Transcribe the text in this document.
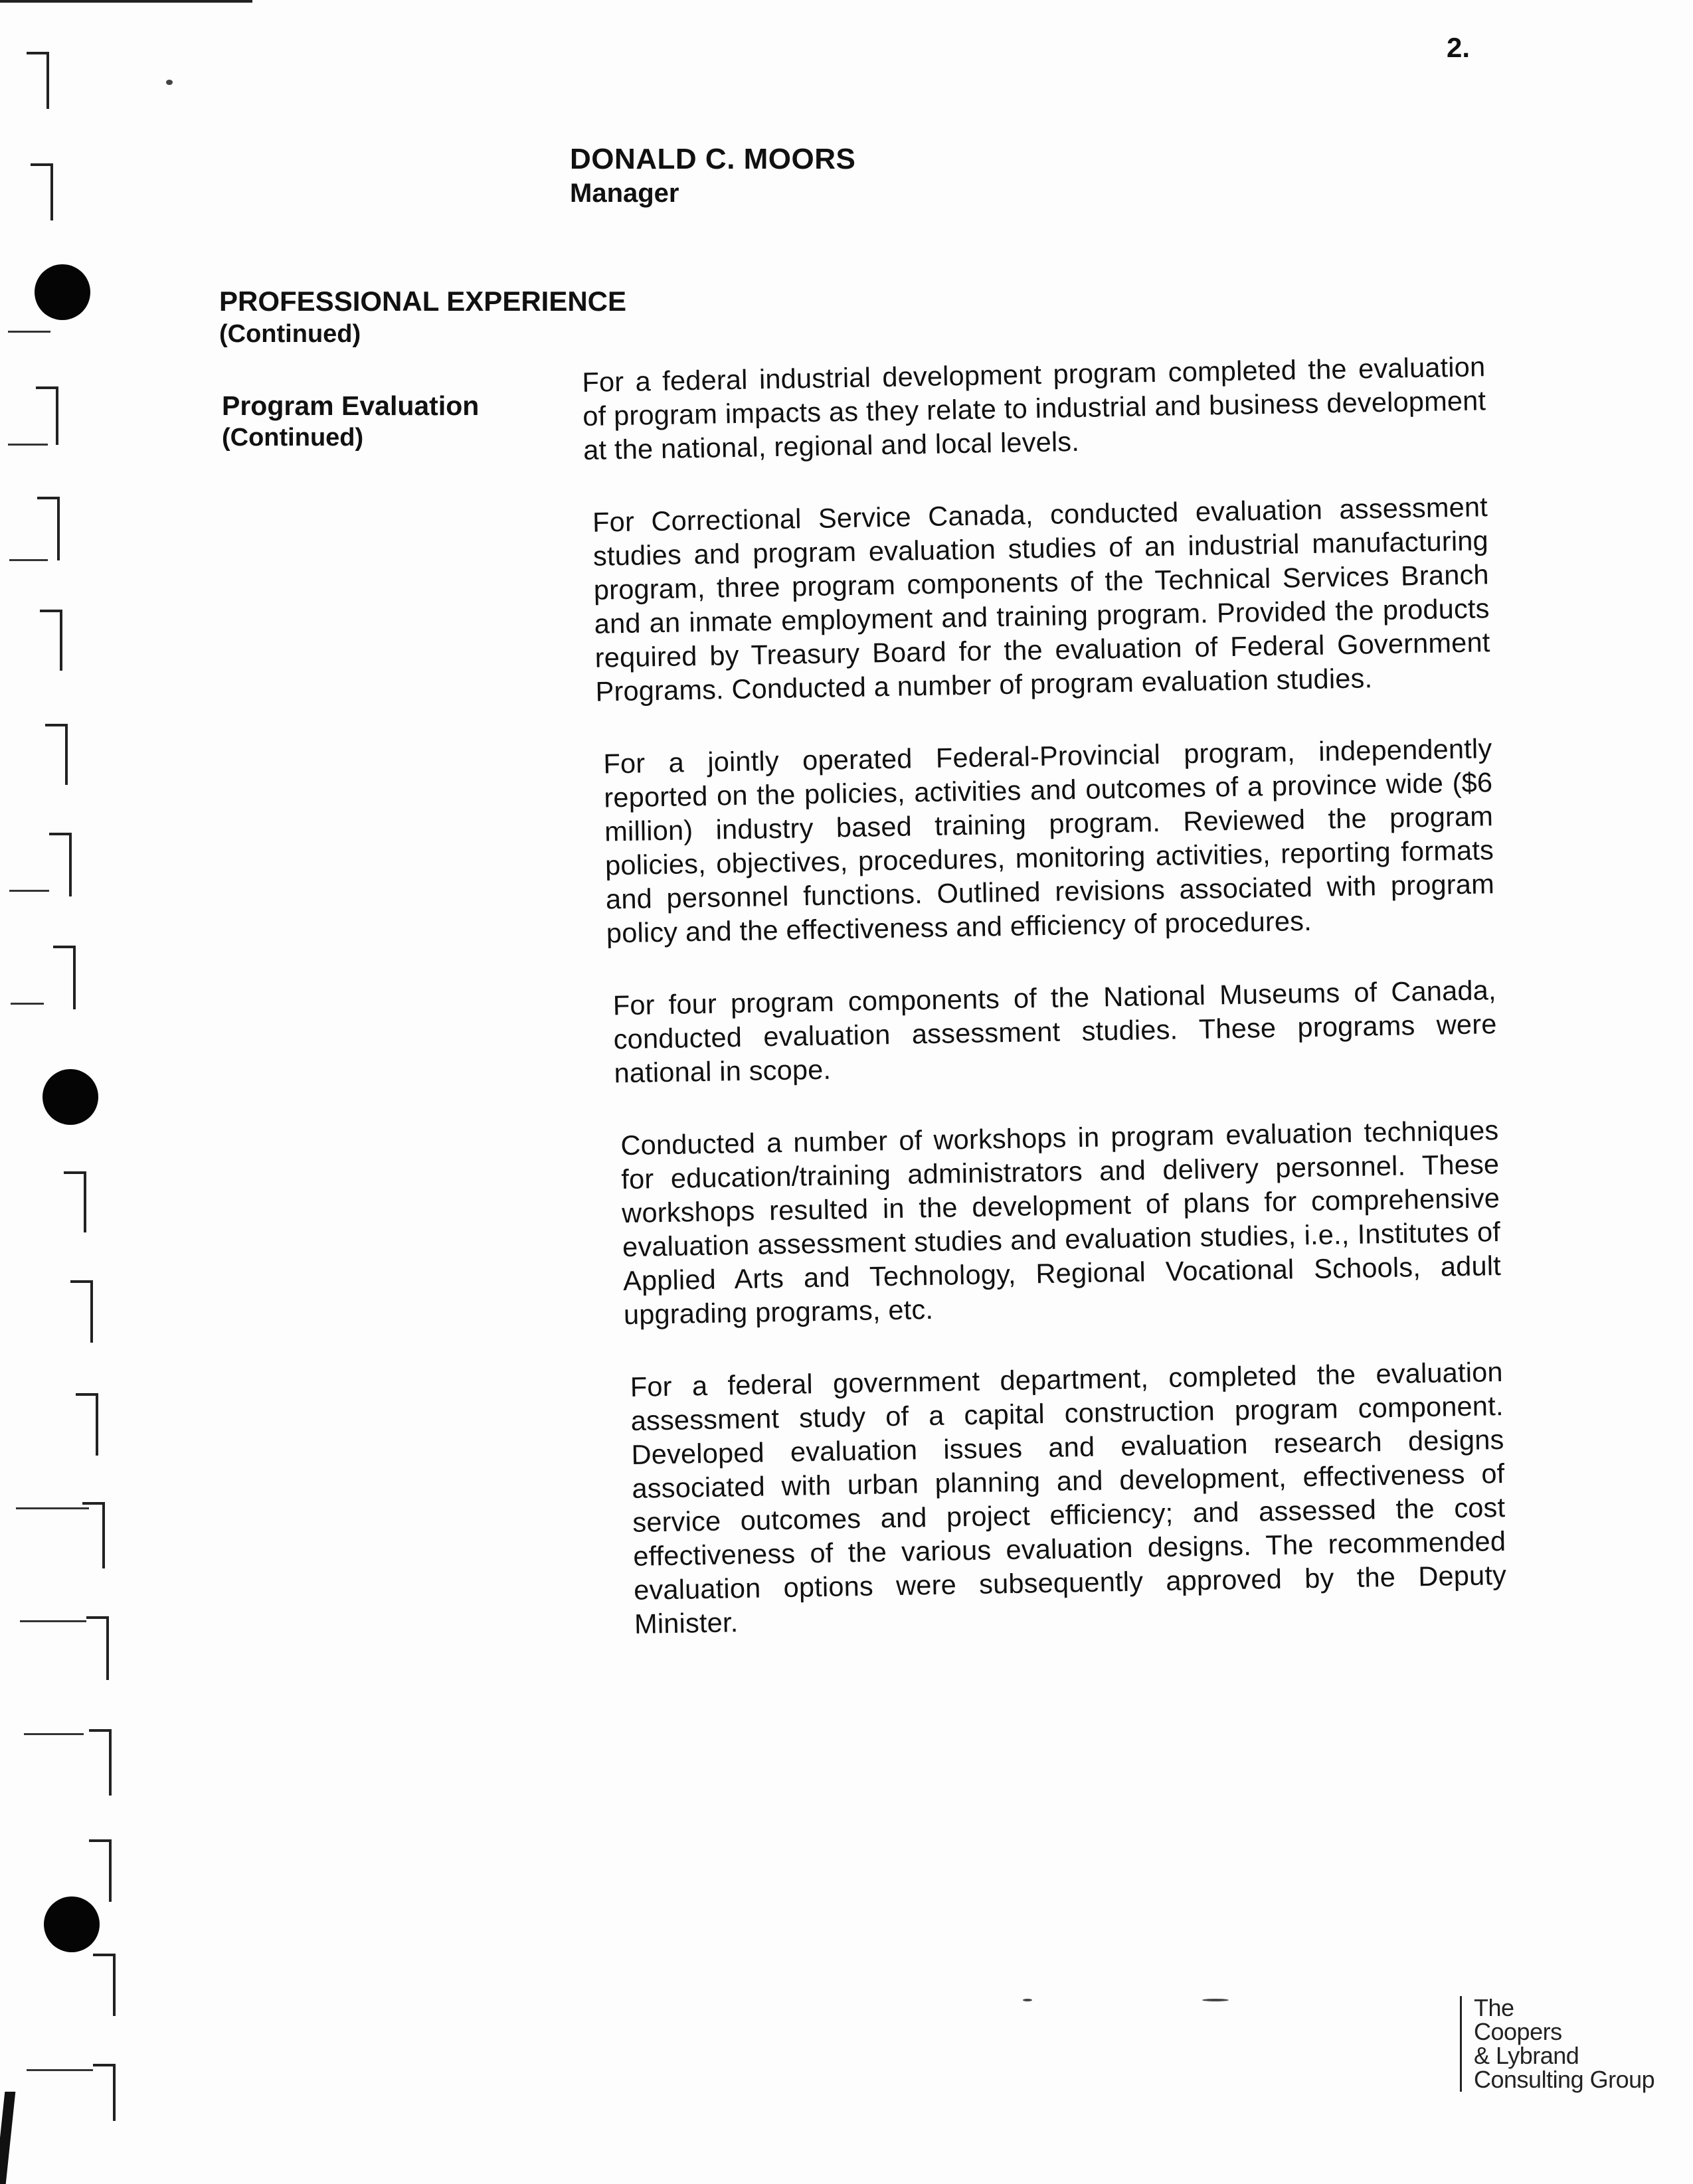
2.
DONALD C. MOORS
Manager
PROFESSIONAL EXPERIENCE
(Continued)
Program Evaluation
(Continued)

For a federal industrial development program completed the evaluation of program impacts as they relate to industrial and business development at the national, regional and local levels.

For Correctional Service Canada, conducted evaluation assessment studies and program evaluation studies of an industrial manufacturing program, three program components of the Technical Services Branch and an inmate employment and training program. Provided the products required by Treasury Board for the evaluation of Federal Government Programs. Conducted a number of program evaluation studies.

For a jointly operated Federal-Provincial program, independently reported on the policies, activities and outcomes of a province wide ($6 million) industry based training program. Reviewed the program policies, objectives, procedures, monitoring activities, reporting formats and personnel functions. Outlined revisions associated with program policy and the effectiveness and efficiency of procedures.

For four program components of the National Museums of Canada, conducted evaluation assessment studies. These programs were national in scope.

Conducted a number of workshops in program evaluation techniques for education/training administrators and delivery personnel. These workshops resulted in the development of plans for comprehensive evaluation assessment studies and evaluation studies, i.e., Institutes of Applied Arts and Technology, Regional Vocational Schools, adult upgrading programs, etc.

For a federal government department, completed the evaluation assessment study of a capital construction program component. Developed evaluation issues and evaluation research designs associated with urban planning and development, effectiveness of service outcomes and project efficiency; and assessed the cost effectiveness of the various evaluation designs. The recommended evaluation options were subsequently approved by the Deputy Minister.

The
Coopers
& Lybrand
Consulting Group
